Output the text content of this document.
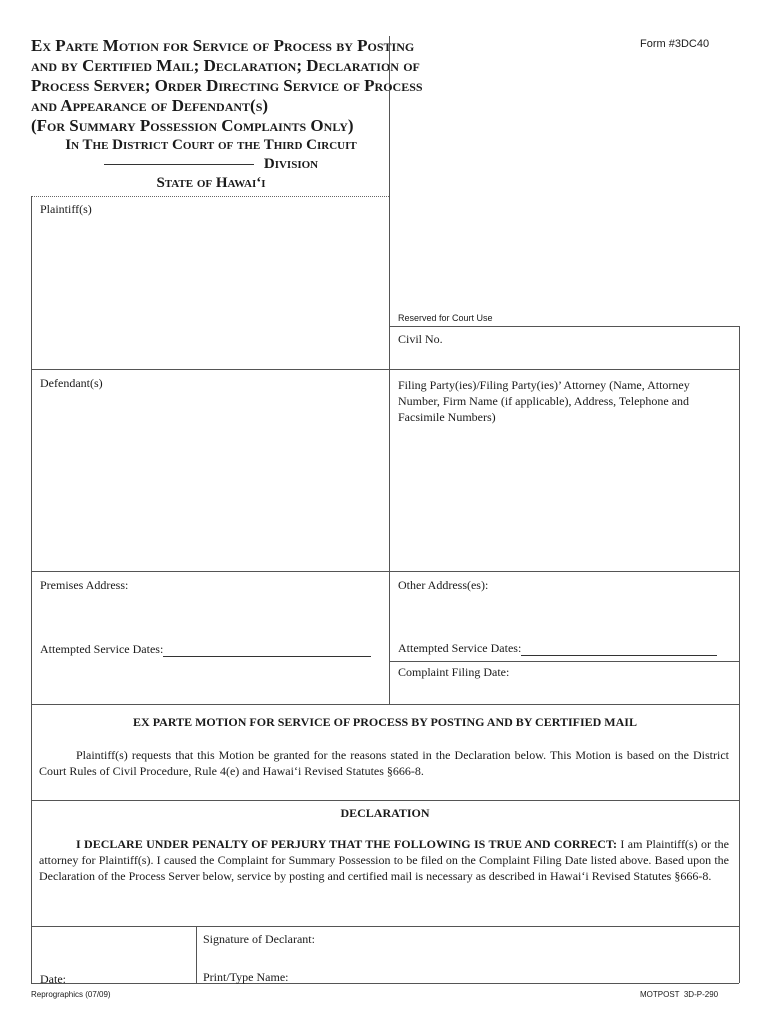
Ex Parte Motion for Service of Process by Posting
and by Certified Mail; Declaration; Declaration of
Process Server; Order Directing Service of Process
and Appearance of Defendant(s)
(For Summary Possession Complaints Only)
Form #3DC40
In The District Court of the Third Circuit
Division
State of Hawai‘i
Plaintiff(s)
Reserved for Court Use
Civil No.
Defendant(s)	Filing Party(ies)/Filing Party(ies)’ Attorney (Name, Attorney
Number, Firm Name (if applicable), Address, Telephone and
Facsimile Numbers)
Premises Address:	Other Address(es):
Attempted Service Dates:	Attempted Service Dates:
Complaint Filing Date:
EX PARTE MOTION FOR SERVICE OF PROCESS BY POSTING AND BY CERTIFIED MAIL
Plaintiff(s) requests that this Motion be granted for the reasons stated in the Declaration below. This Motion is based on the District Court Rules of Civil Procedure, Rule 4(e) and Hawai‘i Revised Statutes §666-8.
DECLARATION
I DECLARE UNDER PENALTY OF PERJURY THAT THE FOLLOWING IS TRUE AND CORRECT: I am Plaintiff(s) or the attorney for Plaintiff(s). I caused the Complaint for Summary Possession to be filed on the Complaint Filing Date listed above. Based upon the Declaration of the Process Server below, service by posting and certified mail is necessary as described in Hawai‘i Revised Statutes §666-8.
Signature of Declarant:
Date:	Print/Type Name:
Reprographics (07/09)	MOTPOST  3D-P-290
